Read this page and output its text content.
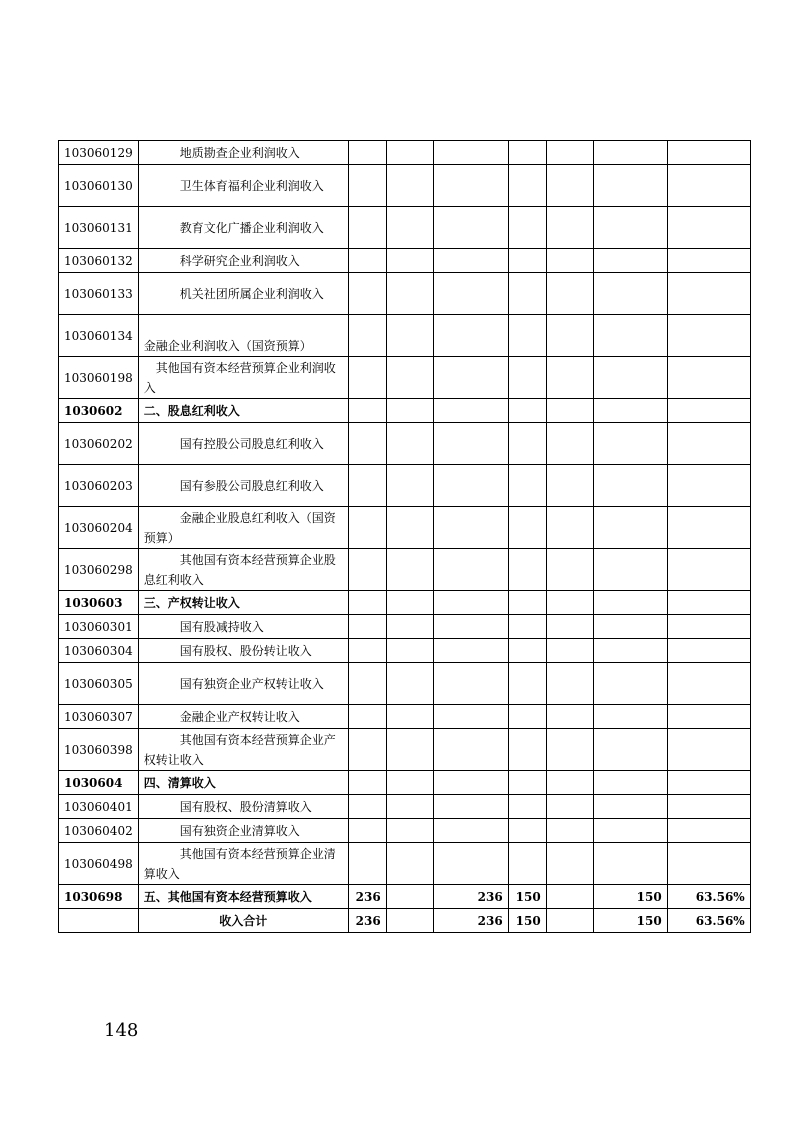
103060129	地质勘查企业利润收入							
103060130	卫生体育福利企业利润收入							
103060131	教育文化广播企业利润收入							
103060132	科学研究企业利润收入							
103060133	机关社团所属企业利润收入							
103060134	金融企业利润收入（国资预算）							
103060198	其他国有资本经营预算企业利润收入							
1030602	二、股息红利收入							
103060202	国有控股公司股息红利收入							
103060203	国有参股公司股息红利收入							
103060204	金融企业股息红利收入（国资预算）							
103060298	其他国有资本经营预算企业股息红利收入							
1030603	三、产权转让收入							
103060301	国有股减持收入							
103060304	国有股权、股份转让收入							
103060305	国有独资企业产权转让收入							
103060307	金融企业产权转让收入							
103060398	其他国有资本经营预算企业产权转让收入							
1030604	四、清算收入							
103060401	国有股权、股份清算收入							
103060402	国有独资企业清算收入							
103060498	其他国有资本经营预算企业清算收入							
1030698	五、其他国有资本经营预算收入	236		236	150		150	63.56%
	收入合计	236		236	150		150	63.56%
148
